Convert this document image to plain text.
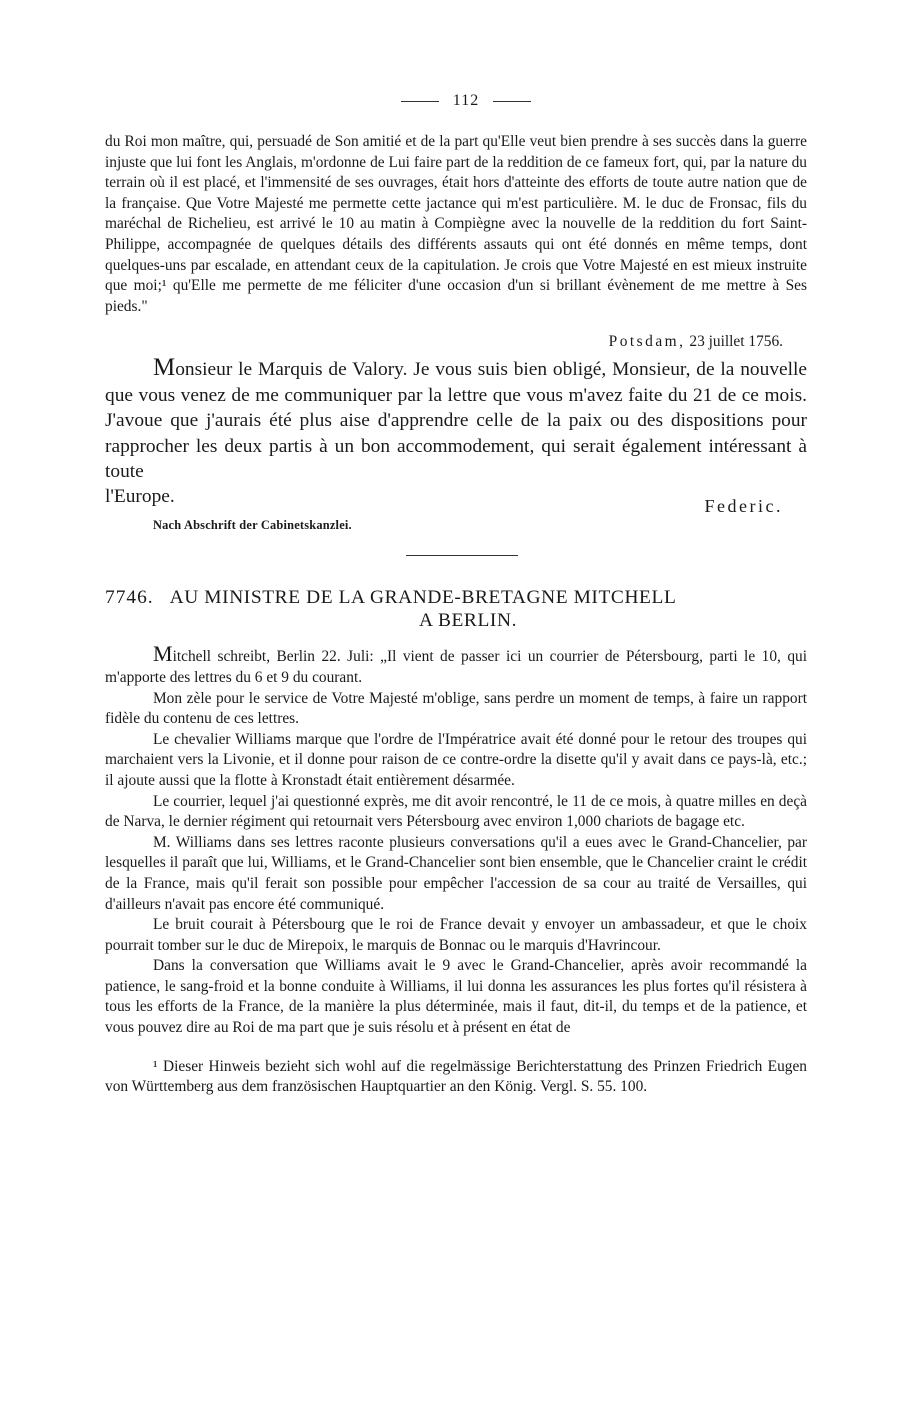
112

du Roi mon maître, qui, persuadé de Son amitié et de la part qu'Elle veut bien prendre à ses succès dans la guerre injuste que lui font les Anglais, m'ordonne de Lui faire part de la reddition de ce fameux fort, qui, par la nature du terrain où il est placé, et l'immensité de ses ouvrages, était hors d'atteinte des efforts de toute autre nation que de la française. Que Votre Majesté me permette cette jactance qui m'est particulière. M. le duc de Fronsac, fils du maréchal de Richelieu, est arrivé le 10 au matin à Compiègne avec la nouvelle de la reddition du fort Saint-Philippe, accompagnée de quelques détails des différents assauts qui ont été donnés en même temps, dont quelques-uns par escalade, en attendant ceux de la capitulation. Je crois que Votre Majesté en est mieux instruite que moi;¹ qu'Elle me permette de me féliciter d'une occasion d'un si brillant évènement de me mettre à Ses pieds."

Potsdam, 23 juillet 1756.

Monsieur le Marquis de Valory. Je vous suis bien obligé, Monsieur, de la nouvelle que vous venez de me communiquer par la lettre que vous m'avez faite du 21 de ce mois. J'avoue que j'aurais été plus aise d'apprendre celle de la paix ou des dispositions pour rapprocher les deux partis à un bon accommodement, qui serait également intéressant à toute

l'Europe.	Federic.

Nach Abschrift der Cabinetskanzlei.

7746. AU MINISTRE DE LA GRANDE-BRETAGNE MITCHELL
A BERLIN.

Mitchell schreibt, Berlin 22. Juli: „Il vient de passer ici un courrier de Pétersbourg, parti le 10, qui m'apporte des lettres du 6 et 9 du courant.

Mon zèle pour le service de Votre Majesté m'oblige, sans perdre un moment de temps, à faire un rapport fidèle du contenu de ces lettres.

Le chevalier Williams marque que l'ordre de l'Impératrice avait été donné pour le retour des troupes qui marchaient vers la Livonie, et il donne pour raison de ce contre-ordre la disette qu'il y avait dans ce pays-là, etc.; il ajoute aussi que la flotte à Kronstadt était entièrement désarmée.

Le courrier, lequel j'ai questionné exprès, me dit avoir rencontré, le 11 de ce mois, à quatre milles en deçà de Narva, le dernier régiment qui retournait vers Pétersbourg avec environ 1,000 chariots de bagage etc.

M. Williams dans ses lettres raconte plusieurs conversations qu'il a eues avec le Grand-Chancelier, par lesquelles il paraît que lui, Williams, et le Grand-Chancelier sont bien ensemble, que le Chancelier craint le crédit de la France, mais qu'il ferait son possible pour empêcher l'accession de sa cour au traité de Versailles, qui d'ailleurs n'avait pas encore été communiqué.

Le bruit courait à Pétersbourg que le roi de France devait y envoyer un ambassadeur, et que le choix pourrait tomber sur le duc de Mirepoix, le marquis de Bonnac ou le marquis d'Havrincour.

Dans la conversation que Williams avait le 9 avec le Grand-Chancelier, après avoir recommandé la patience, le sang-froid et la bonne conduite à Williams, il lui donna les assurances les plus fortes qu'il résistera à tous les efforts de la France, de la manière la plus déterminée, mais il faut, dit-il, du temps et de la patience, et vous pouvez dire au Roi de ma part que je suis résolu et à présent en état de

¹ Dieser Hinweis bezieht sich wohl auf die regelmässige Berichterstattung des Prinzen Friedrich Eugen von Württemberg aus dem französischen Hauptquartier an den König. Vergl. S. 55. 100.
